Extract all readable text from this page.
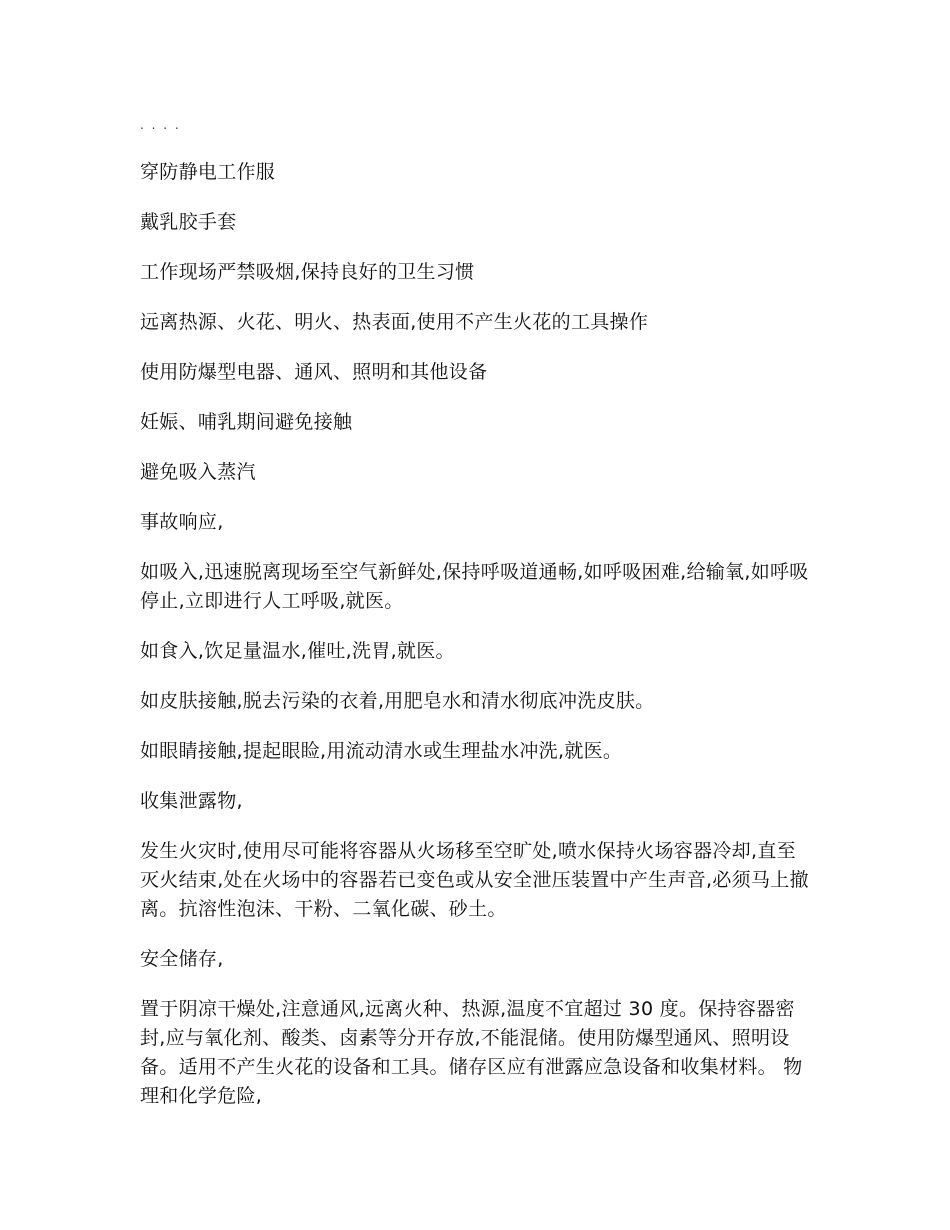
. . . .

穿防静电工作服

戴乳胶手套

工作现场严禁吸烟,保持良好的卫生习惯

远离热源、火花、明火、热表面,使用不产生火花的工具操作

使用防爆型电器、通风、照明和其他设备

妊娠、哺乳期间避免接触

避免吸入蒸汽

事故响应,

如吸入,迅速脱离现场至空气新鲜处,保持呼吸道通畅,如呼吸困难,给输氧,如呼吸停止,立即进行人工呼吸,就医。

如食入,饮足量温水,催吐,洗胃,就医。

如皮肤接触,脱去污染的衣着,用肥皂水和清水彻底冲洗皮肤。

如眼睛接触,提起眼睑,用流动清水或生理盐水冲洗,就医。

收集泄露物,

发生火灾时,使用尽可能将容器从火场移至空旷处,喷水保持火场容器冷却,直至灭火结束,处在火场中的容器若已变色或从安全泄压装置中产生声音,必须马上撤离。抗溶性泡沫、干粉、二氧化碳、砂土。

安全储存,

置于阴凉干燥处,注意通风,远离火种、热源,温度不宜超过 30 度。保持容器密封,应与氧化剂、酸类、卤素等分开存放,不能混储。使用防爆型通风、照明设备。适用不产生火花的设备和工具。储存区应有泄露应急设备和收集材料。 物理和化学危险,
